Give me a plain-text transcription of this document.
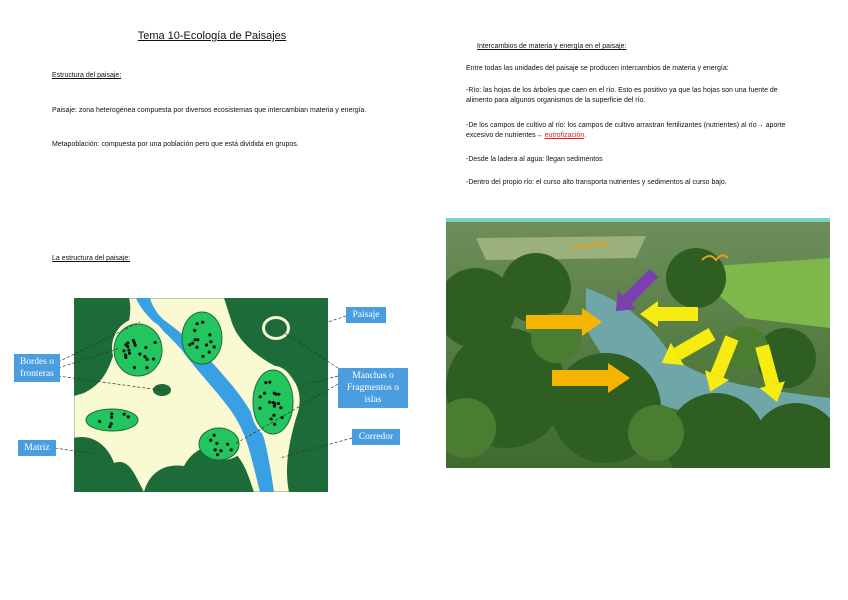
Tema 10-Ecología de Paisajes
Estructura del paisaje:
Paisaje: zona heterogénea compuesta por diversos ecosistemas que intercambian materia y energía.
Metapoblación: compuesta por una población pero que está dividida en grupos.
La estructura del paisaje:
Paisaje
Bordes o fronteras	Manchas o Fragmentos o islas
Matriz
Corredor
Intercambios de materia y energía en el paisaje:
Entre todas las unidades del paisaje se producen intercambios de materia y energía:
-Río: las hojas de los árboles que caen en el río. Esto es positivo ya que las hojas son una fuente de alimento para algunos organismos de la superficie del río.
-De los campos de cultivo al río: los campos de cultivo arrastran fertilizantes (nutrientes) al río→ aporte excesivo de nutrientes→ eutrofización.
-Desde la ladera al agua: llegan sedimentos
-Dentro del propio río: el curso alto transporta nutrientes y sedimentos al curso bajo.
